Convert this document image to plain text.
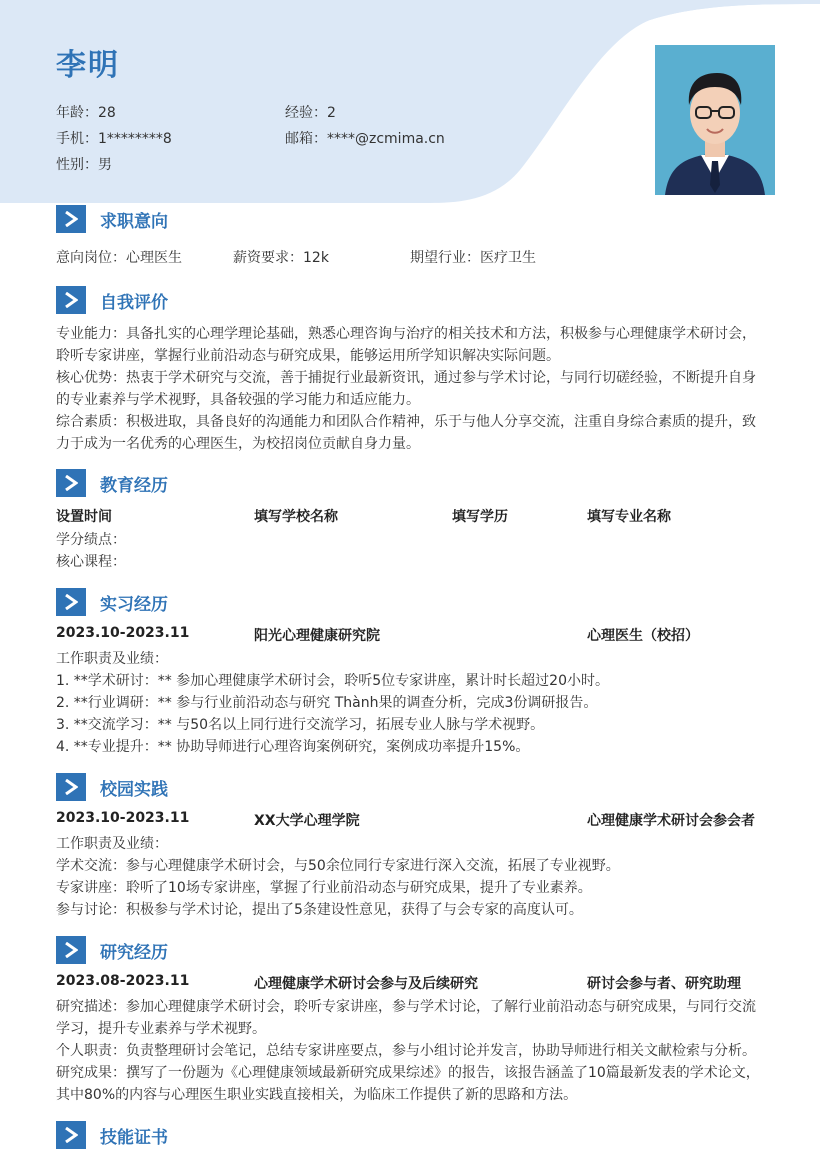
李明
年龄：28	经验：2
手机：1********8	邮箱：****@zcmima.cn
性别：男
求职意向
意向岗位：心理医生	薪资要求：12k	期望行业：医疗卫生
自我评价
专业能力：具备扎实的心理学理论基础，熟悉心理咨询与治疗的相关技术和方法，积极参与心理健康学术研讨会，
聆听专家讲座，掌握行业前沿动态与研究成果，能够运用所学知识解决实际问题。
核心优势：热衷于学术研究与交流，善于捕捉行业最新资讯，通过参与学术讨论，与同行切磋经验，不断提升自身
的专业素养与学术视野，具备较强的学习能力和适应能力。
综合素质：积极进取，具备良好的沟通能力和团队合作精神，乐于与他人分享交流，注重自身综合素质的提升，致
力于成为一名优秀的心理医生，为校招岗位贡献自身力量。
教育经历
设置时间	填写学校名称	填写学历	填写专业名称
学分绩点：
核心课程：
实习经历
2023.10-2023.11	阳光心理健康研究院	心理医生（校招）
工作职责及业绩：
1. **学术研讨：** 参加心理健康学术研讨会，聆听5位专家讲座，累计时长超过20小时。
2. **行业调研：** 参与行业前沿动态与研究 Thành果的调查分析，完成3份调研报告。
3. **交流学习：** 与50名以上同行进行交流学习，拓展专业人脉与学术视野。
4. **专业提升：** 协助导师进行心理咨询案例研究，案例成功率提升15%。
校园实践
2023.10-2023.11	XX大学心理学院	心理健康学术研讨会参会者
工作职责及业绩：
学术交流：参与心理健康学术研讨会，与50余位同行专家进行深入交流，拓展了专业视野。
专家讲座：聆听了10场专家讲座，掌握了行业前沿动态与研究成果，提升了专业素养。
参与讨论：积极参与学术讨论，提出了5条建设性意见，获得了与会专家的高度认可。
研究经历
2023.08-2023.11	心理健康学术研讨会参与及后续研究	研讨会参与者、研究助理
研究描述：参加心理健康学术研讨会，聆听专家讲座，参与学术讨论，了解行业前沿动态与研究成果，与同行交流
学习，提升专业素养与学术视野。
个人职责：负责整理研讨会笔记，总结专家讲座要点，参与小组讨论并发言，协助导师进行相关文献检索与分析。
研究成果：撰写了一份题为《心理健康领域最新研究成果综述》的报告，该报告涵盖了10篇最新发表的学术论文，
其中80%的内容与心理医生职业实践直接相关，为临床工作提供了新的思路和方法。
技能证书
